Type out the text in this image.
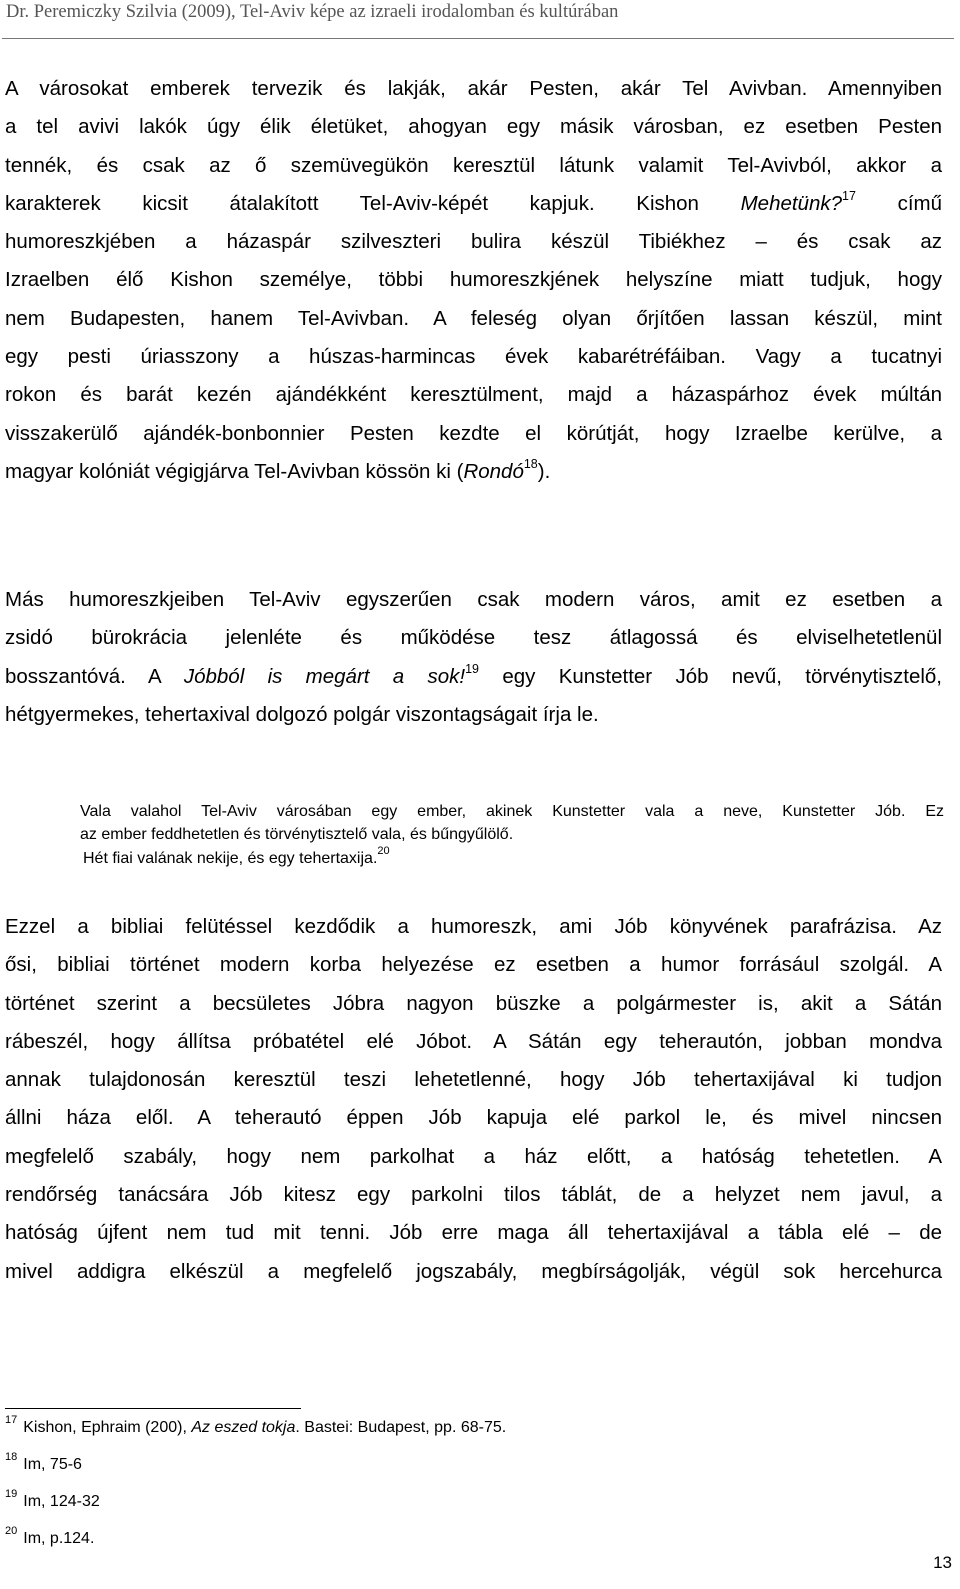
Dr. Peremiczky Szilvia (2009), Tel-Aviv képe az izraeli irodalomban és kultúrában
A városokat emberek tervezik és lakják, akár Pesten, akár Tel Avivban. Amennyiben
a tel avivi lakók úgy élik életüket, ahogyan egy másik városban, ez esetben Pesten
tennék, és csak az ő szemüvegükön keresztül látunk valamit Tel-Avivból, akkor a
karakterek kicsit átalakított Tel-Aviv-képét kapjuk. Kishon Mehetünk?$^{17}$ című
humoreszkjében a házaspár szilveszteri bulira készül Tibiékhez – és csak az
Izraelben élő Kishon személye, többi humoreszkjének helyszíne miatt tudjuk, hogy
nem Budapesten, hanem Tel-Avivban. A feleség olyan őrjítően lassan készül, mint
egy pesti úriasszony a húszas-harmincas évek kabarétréfáiban. Vagy a tucatnyi
rokon és barát kezén ajándékként keresztülment, majd a házaspárhoz évek múltán
visszakerülő ajándék-bonbonnier Pesten kezdte el körútját, hogy Izraelbe kerülve, a
magyar kolóniát végigjárva Tel-Avivban kössön ki (Rondó$^{18}$).
Más humoreszkjeiben Tel-Aviv egyszerűen csak modern város, amit ez esetben a
zsidó bürokrácia jelenléte és működése tesz átlagossá és elviselhetetlenül
bosszantóvá. A Jóbból is megárt a sok!$^{19}$ egy Kunstetter Jób nevű, törvénytisztelő,
hétgyermekes, tehertaxival dolgozó polgár viszontagságait írja le.
Vala valahol Tel-Aviv városában egy ember, akinek Kunstetter vala a neve, Kunstetter Jób. Ez
az ember feddhetetlen és törvénytisztelő vala, és bűngyűlölő.
Hét fiai valának nekije, és egy tehertaxija.$^{20}$
Ezzel a bibliai felütéssel kezdődik a humoreszk, ami Jób könyvének parafrázisa. Az
ősi, bibliai történet modern korba helyezése ez esetben a humor forrásául szolgál. A
történet szerint a becsületes Jóbra nagyon büszke a polgármester is, akit a Sátán
rábeszél, hogy állítsa próbatétel elé Jóbot. A Sátán egy teherautón, jobban mondva
annak tulajdonosán keresztül teszi lehetetlenné, hogy Jób tehertaxijával ki tudjon
állni háza elől. A teherautó éppen Jób kapuja elé parkol le, és mivel nincsen
megfelelő szabály, hogy nem parkolhat a ház előtt, a hatóság tehetetlen. A
rendőrség tanácsára Jób kitesz egy parkolni tilos táblát, de a helyzet nem javul, a
hatóság újfent nem tud mit tenni. Jób erre maga áll tehertaxijával a tábla elé – de
mivel addigra elkészül a megfelelő jogszabály, megbírságolják, végül sok hercehurca
$^{17}$ Kishon, Ephraim (200), Az eszed tokja. Bastei: Budapest, pp. 68-75.
$^{18}$ Im, 75-6
$^{19}$ Im, 124-32
$^{20}$ Im, p.124.
13
